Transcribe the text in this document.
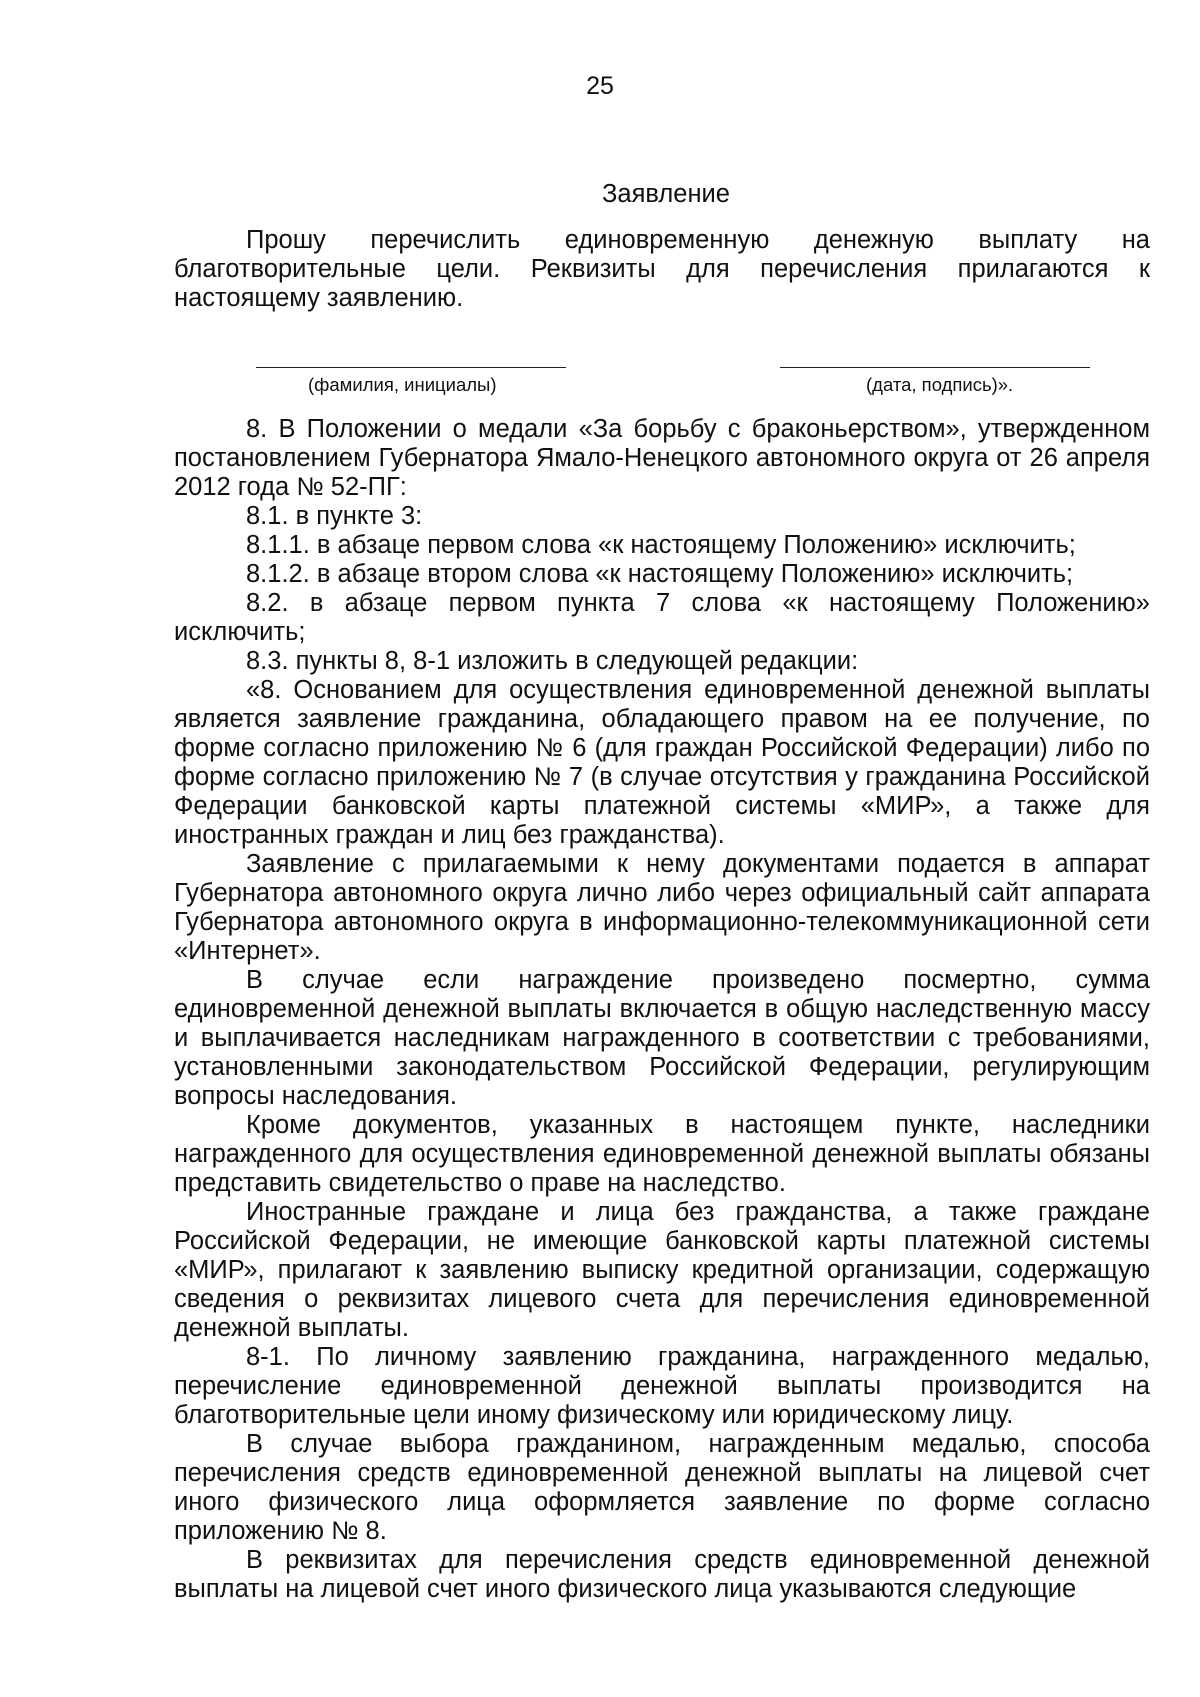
25
Заявление

Прошу перечислить единовременную денежную выплату на благотворительные цели. Реквизиты для перечисления прилагаются к настоящему заявлению.

(фамилия, инициалы)	(дата, подпись)».

8. В Положении о медали «За борьбу с браконьерством», утвержденном постановлением Губернатора Ямало-Ненецкого автономного округа от 26 апреля 2012 года № 52-ПГ:

8.1. в пункте 3:

8.1.1. в абзаце первом слова «к настоящему Положению» исключить;

8.1.2. в абзаце втором слова «к настоящему Положению» исключить;

8.2. в абзаце первом пункта 7 слова «к настоящему Положению» исключить;

8.3. пункты 8, 8-1 изложить в следующей редакции:

«8. Основанием для осуществления единовременной денежной выплаты является заявление гражданина, обладающего правом на ее получение, по форме согласно приложению № 6 (для граждан Российской Федерации) либо по форме согласно приложению № 7 (в случае отсутствия у гражданина Российской Федерации банковской карты платежной системы «МИР», а также для иностранных граждан и лиц без гражданства).

Заявление с прилагаемыми к нему документами подается в аппарат Губернатора автономного округа лично либо через официальный сайт аппарата Губернатора автономного округа в информационно-телекоммуникационной сети «Интернет».

В случае если награждение произведено посмертно, сумма единовременной денежной выплаты включается в общую наследственную массу и выплачивается наследникам награжденного в соответствии с требованиями, установленными законодательством Российской Федерации, регулирующим вопросы наследования.

Кроме документов, указанных в настоящем пункте, наследники награжденного для осуществления единовременной денежной выплаты обязаны представить свидетельство о праве на наследство.

Иностранные граждане и лица без гражданства, а также граждане Российской Федерации, не имеющие банковской карты платежной системы «МИР», прилагают к заявлению выписку кредитной организации, содержащую сведения о реквизитах лицевого счета для перечисления единовременной денежной выплаты.

8-1. По личному заявлению гражданина, награжденного медалью, перечисление единовременной денежной выплаты производится на благотворительные цели иному физическому или юридическому лицу.

В случае выбора гражданином, награжденным медалью, способа перечисления средств единовременной денежной выплаты на лицевой счет иного физического лица оформляется заявление по форме согласно приложению № 8.

В реквизитах для перечисления средств единовременной денежной выплаты на лицевой счет иного физического лица указываются следующие
